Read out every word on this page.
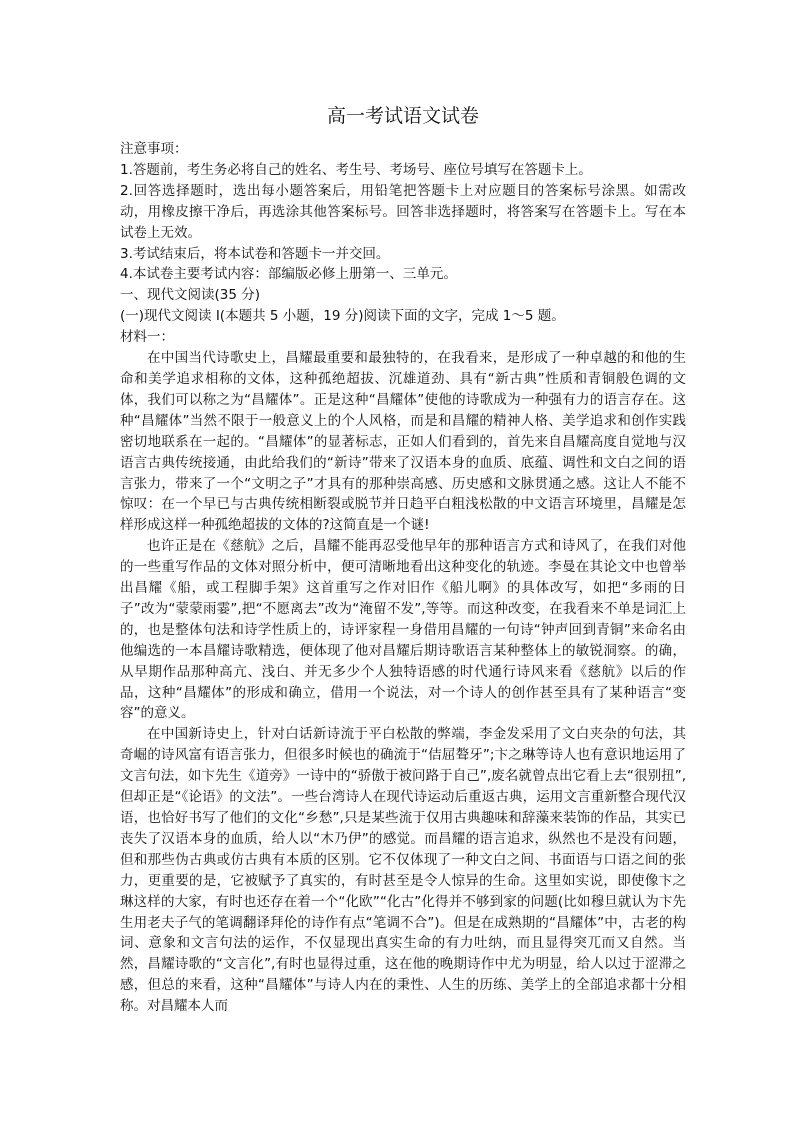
高一考试语文试卷

注意事项：

1.答题前，考生务必将自己的姓名、考生号、考场号、座位号填写在答题卡上。

2.回答选择题时，选出每小题答案后，用铅笔把答题卡上对应题目的答案标号涂黑。如需改动，用橡皮擦干净后，再选涂其他答案标号。回答非选择题时，将答案写在答题卡上。写在本试卷上无效。

3.考试结束后，将本试卷和答题卡一并交回。

4.本试卷主要考试内容：部编版必修上册第一、三单元。

一、现代文阅读(35 分)

(一)现代文阅读 I(本题共 5 小题，19 分)阅读下面的文字，完成 1～5 题。

材料一：

在中国当代诗歌史上，昌耀最重要和最独特的，在我看来，是形成了一种卓越的和他的生命和美学追求相称的文体，这种孤绝超拔、沉雄道劲、具有“新古典”性质和青铜般色调的文体，我们可以称之为“昌耀体”。正是这种“昌耀体”使他的诗歌成为一种强有力的语言存在。这种“昌耀体”当然不限于一般意义上的个人风格，而是和昌耀的精神人格、美学追求和创作实践密切地联系在一起的。“昌耀体”的显著标志，正如人们看到的，首先来自昌耀高度自觉地与汉语言古典传统接通，由此给我们的“新诗”带来了汉语本身的血质、底蕴、调性和文白之间的语言张力，带来了一个“文明之子”才具有的那种崇高感、历史感和文脉贯通之感。这让人不能不惊叹：在一个早已与古典传统相断裂或脱节并日趋平白粗浅松散的中文语言环境里，昌耀是怎样形成这样一种孤绝超拔的文体的?这简直是一个谜!

也许正是在《慈航》之后，昌耀不能再忍受他早年的那种语言方式和诗风了，在我们对他的一些重写作品的文体对照分析中，便可清晰地看出这种变化的轨迹。李曼在其论文中也曾举出昌耀《船，或工程脚手架》这首重写之作对旧作《船儿啊》的具体改写，如把“多雨的日子”改为“蒙蒙雨霎”,把“不愿离去”改为“淹留不发”,等等。而这种改变，在我看来不单是词汇上的，也是整体句法和诗学性质上的，诗评家程一身借用昌耀的一句诗“钟声回到青铜”来命名由他编选的一本昌耀诗歌精选，便体现了他对昌耀后期诗歌语言某种整体上的敏锐洞察。的确，从早期作品那种高亢、浅白、并无多少个人独特语感的时代通行诗风来看《慈航》以后的作品，这种“昌耀体”的形成和确立，借用一个说法，对一个诗人的创作甚至具有了某种语言“变容”的意义。

在中国新诗史上，针对白话新诗流于平白松散的弊端，李金发采用了文白夹杂的句法，其奇崛的诗风富有语言张力，但很多时候也的确流于“佶屈聱牙”;卞之琳等诗人也有意识地运用了文言句法，如卞先生《道旁》一诗中的“骄傲于被问路于自己”,废名就曾点出它看上去“很别扭”,但却正是“《论语》的文法”。一些台湾诗人在现代诗运动后重返古典，运用文言重新整合现代汉语，也恰好书写了他们的文化“乡愁”,只是某些流于仅用古典趣味和辞藻来装饰的作品，其实已丧失了汉语本身的血质，给人以“木乃伊”的感觉。而昌耀的语言追求，纵然也不是没有问题，但和那些伪古典或仿古典有本质的区别。它不仅体现了一种文白之间、书面语与口语之间的张力，更重要的是，它被赋予了真实的，有时甚至是令人惊异的生命。这里如实说，即使像卞之琳这样的大家，有时也还存在着一个“化欧”“化古”化得并不够到家的问题(比如穆旦就认为卞先生用老夫子气的笔调翻译拜伦的诗作有点“笔调不合”)。但是在成熟期的“昌耀体”中，古老的构词、意象和文言句法的运作，不仅显现出真实生命的有力吐纳，而且显得突兀而又自然。当然，昌耀诗歌的“文言化”,有时也显得过重，这在他的晚期诗作中尤为明显，给人以过于涩滞之感，但总的来看，这种“昌耀体”与诗人内在的秉性、人生的历练、美学上的全部追求都十分相称。对昌耀本人而
